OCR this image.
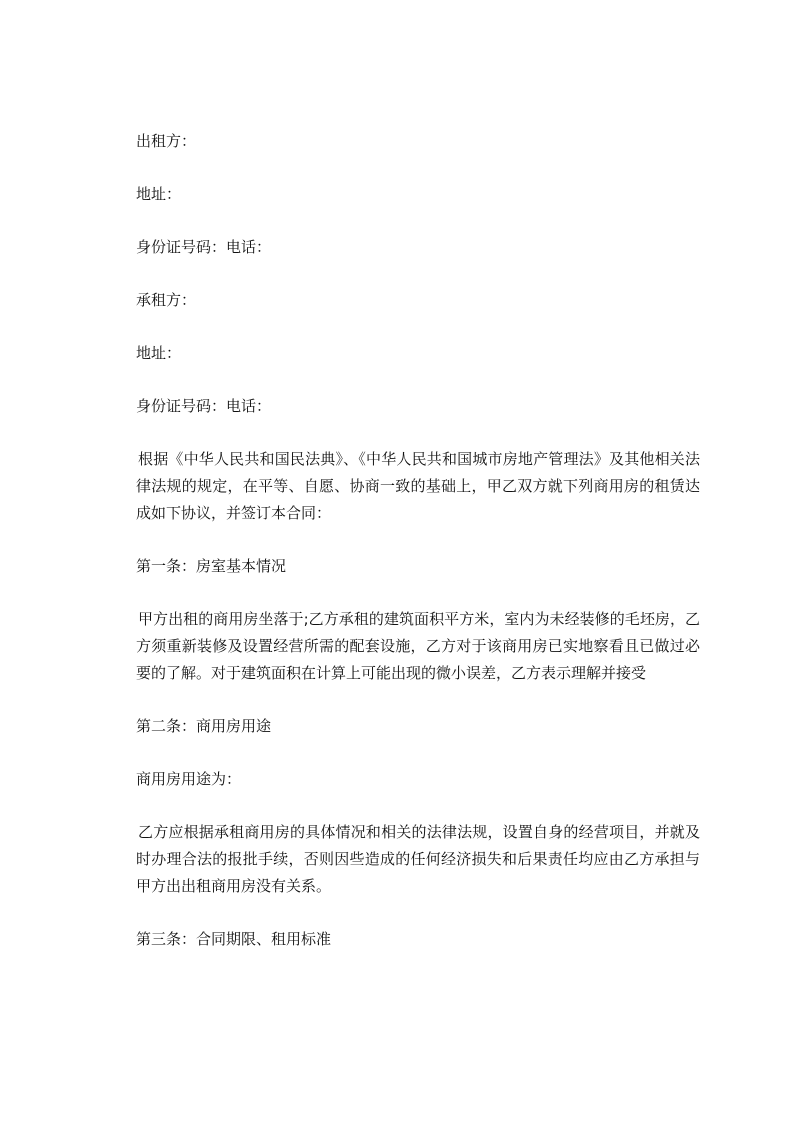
出租方：

地址：

身份证号码：电话：

承租方：

地址：

身份证号码：电话：

根据《中华人民共和国民法典》、《中华人民共和国城市房地产管理法》及其他相关法律法规的规定，在平等、自愿、协商一致的基础上，甲乙双方就下列商用房的租赁达成如下协议，并签订本合同：

第一条：房室基本情况

甲方出租的商用房坐落于;乙方承租的建筑面积平方米，室内为未经装修的毛坯房，乙方须重新装修及设置经营所需的配套设施，乙方对于该商用房已实地察看且已做过必要的了解。对于建筑面积在计算上可能出现的微小误差，乙方表示理解并接受

第二条：商用房用途

商用房用途为：

乙方应根据承租商用房的具体情况和相关的法律法规，设置自身的经营项目，并就及时办理合法的报批手续，否则因些造成的任何经济损失和后果责任均应由乙方承担与甲方出出租商用房没有关系。

第三条：合同期限、租用标准
